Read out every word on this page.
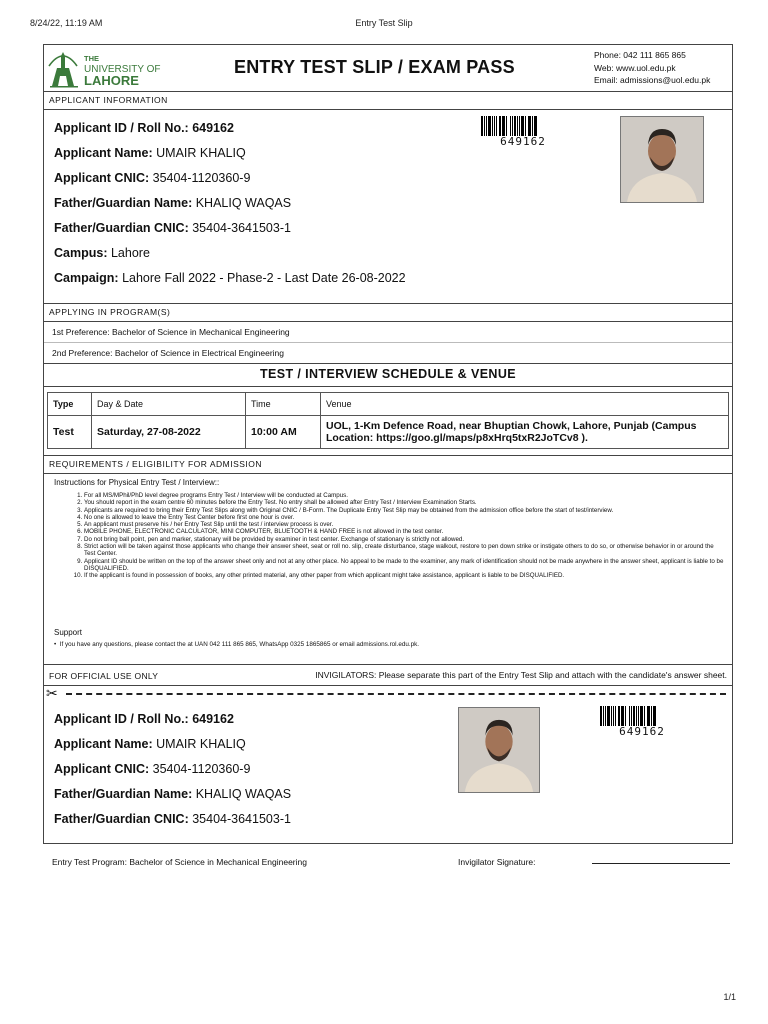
8/24/22, 11:19 AM	Entry Test Slip
THE
UNIVERSITY OF
LAHORE
ENTRY TEST SLIP / EXAM PASS
Phone: 042 111 865 865
Web: www.uol.edu.pk
Email: admissions@uol.edu.pk
APPLICANT INFORMATION
Applicant ID / Roll No.: 649162
Applicant Name: UMAIR KHALIQ
Applicant CNIC: 35404-1120360-9
Father/Guardian Name: KHALIQ WAQAS
Father/Guardian CNIC: 35404-3641503-1
Campus: Lahore
Campaign: Lahore Fall 2022 - Phase-2 - Last Date 26-08-2022
649162
APPLYING IN PROGRAM(S)
1st Preference: Bachelor of Science in Mechanical Engineering
2nd Preference: Bachelor of Science in Electrical Engineering
TEST / INTERVIEW SCHEDULE & VENUE
Type	Day & Date	Time	Venue
Test	Saturday, 27-08-2022	10:00 AM	UOL, 1-Km Defence Road, near Bhuptian Chowk, Lahore, Punjab (Campus Location: https://goo.gl/maps/p8xHrq5txR2JoTCv8 ).
REQUIREMENTS / ELIGIBILITY FOR ADMISSION
Instructions for Physical Entry Test / Interview::
1. For all MS/MPhil/PhD level degree programs Entry Test / Interview will be conducted at Campus.
2. You should report in the exam centre 60 minutes before the Entry Test. No entry shall be allowed after Entry Test / Interview Examination Starts.
3. Applicants are required to bring their Entry Test Slips along with Original CNIC / B-Form. The Duplicate Entry Test Slip may be obtained from the admission office before the start of test/interview.
4. No one is allowed to leave the Entry Test Center before first one hour is over.
5. An applicant must preserve his / her Entry Test Slip until the test / interview process is over.
6. MOBILE PHONE, ELECTRONIC CALCULATOR, MINI COMPUTER, BLUETOOTH & HAND FREE is not allowed in the test center.
7. Do not bring ball point, pen and marker, stationary will be provided by examiner in test center. Exchange of stationary is strictly not allowed.
8. Strict action will be taken against those applicants who change their answer sheet, seat or roll no. slip, create disturbance, stage walkout, restore to pen down strike or instigate others to do so, or otherwise behavior in or around the Test Center.
9. Applicant ID should be written on the top of the answer sheet only and not at any other place. No appeal to be made to the examiner, any mark of identification should not be made anywhere in the answer sheet, applicant is liable to be DISQUALIFIED.
10. If the applicant is found in possession of books, any other printed material, any other paper from which applicant might take assistance, applicant is liable to be DISQUALIFIED.
Support
•  If you have any questions, please contact the at UAN 042 111 865 865, WhatsApp 0325 1865865 or email admissions.rol.edu.pk.
FOR OFFICIAL USE ONLY	INVIGILATORS: Please separate this part of the Entry Test Slip and attach with the candidate's answer sheet.
✂
Applicant ID / Roll No.: 649162
Applicant Name: UMAIR KHALIQ
Applicant CNIC: 35404-1120360-9
Father/Guardian Name: KHALIQ WAQAS
Father/Guardian CNIC: 35404-3641503-1
649162
Entry Test Program: Bachelor of Science in Mechanical Engineering	Invigilator Signature:
1/1
